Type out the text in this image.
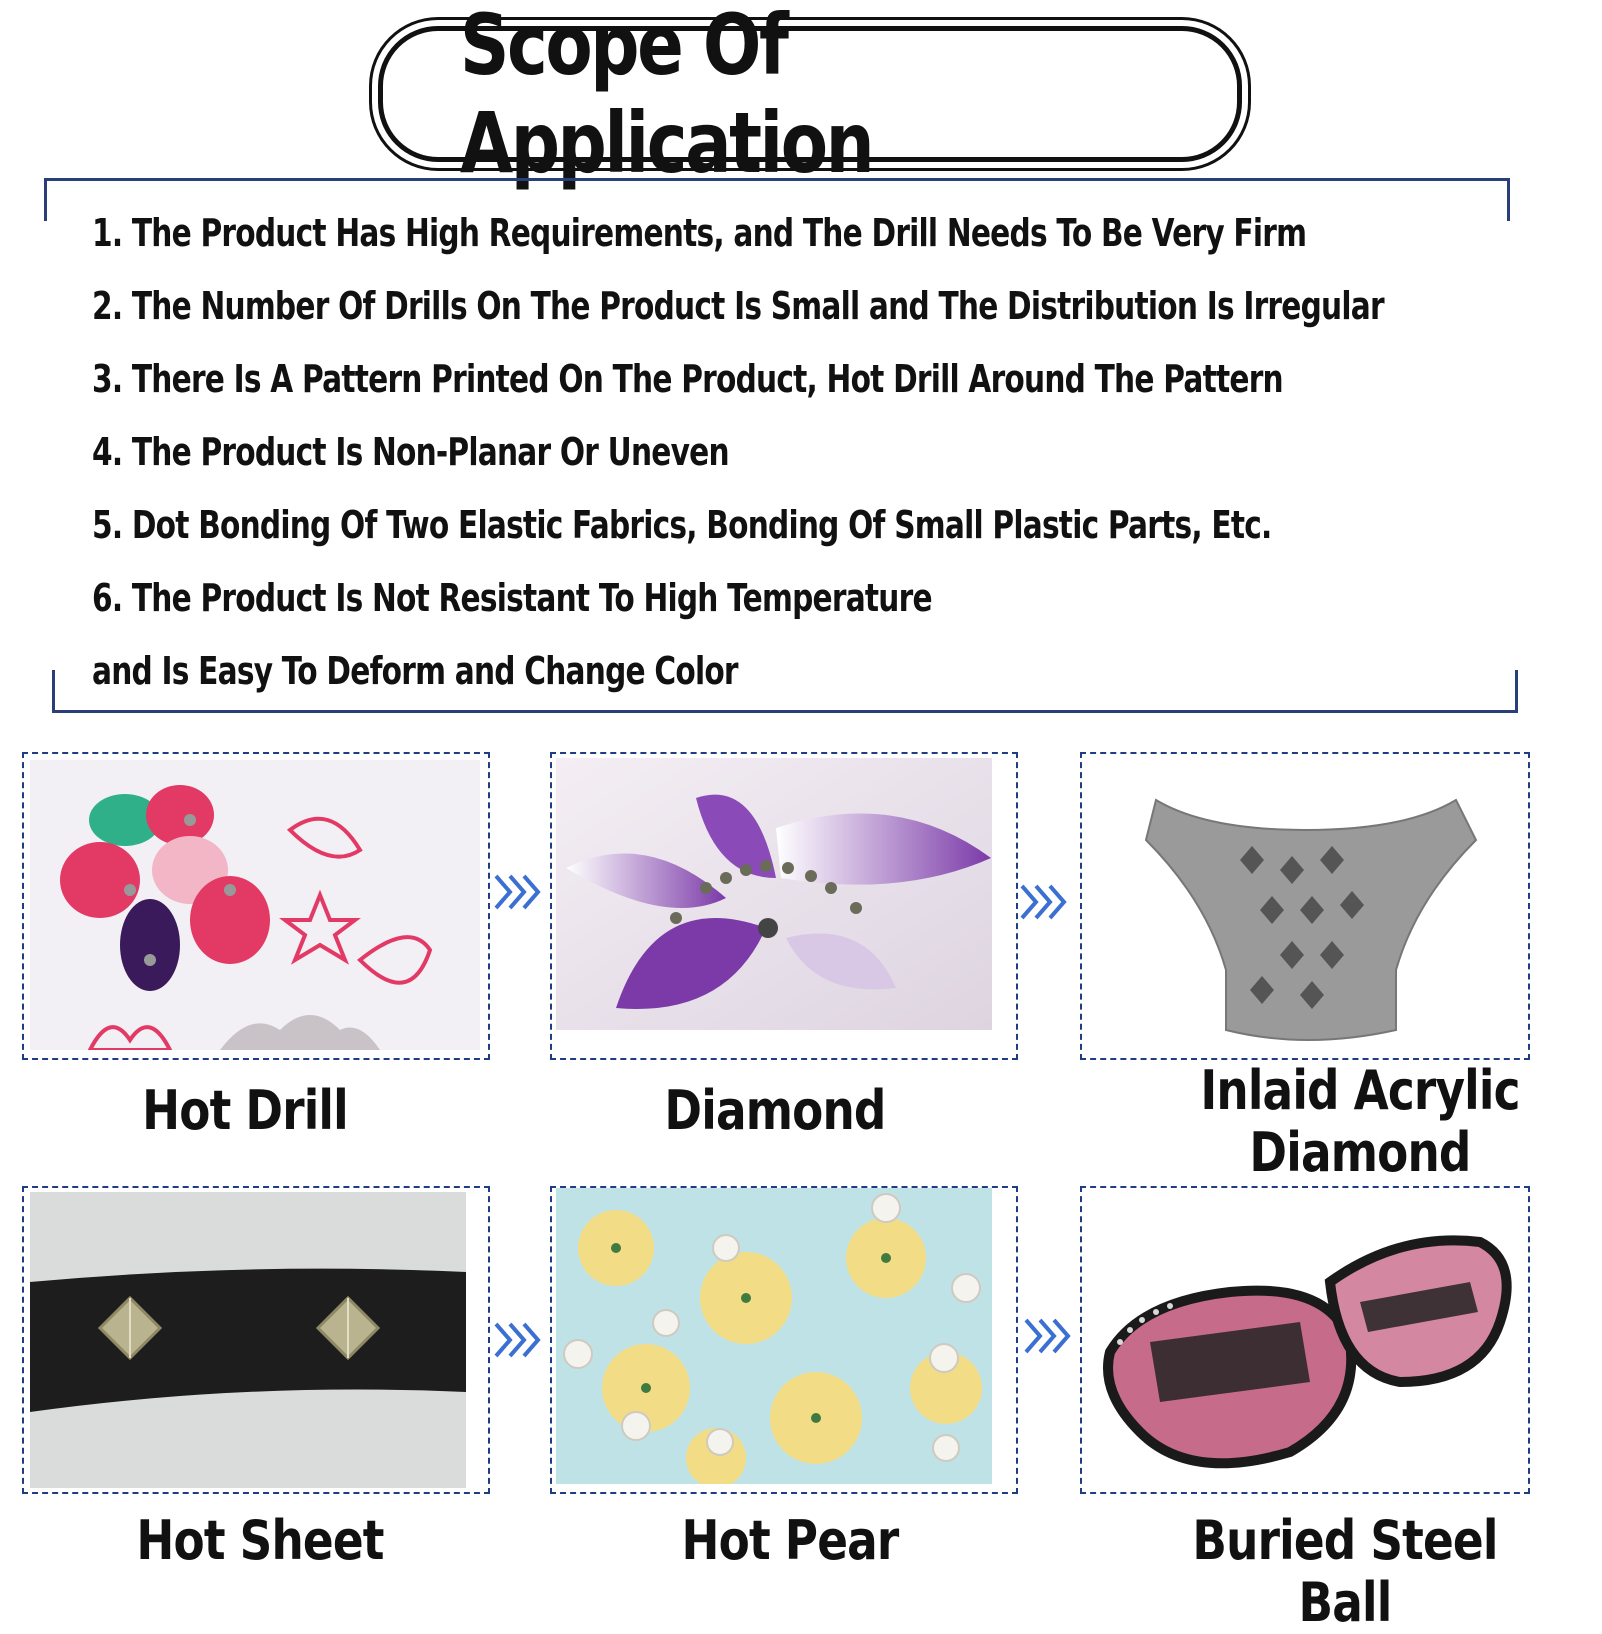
Scope Of Application
1. The Product Has High Requirements, and The Drill Needs To Be Very Firm
2. The Number Of Drills On The Product Is Small and The Distribution Is Irregular
3. There Is A Pattern Printed On The Product, Hot Drill Around The Pattern
4. The Product Is Non-Planar Or Uneven
5. Dot Bonding Of Two Elastic Fabrics, Bonding Of Small Plastic Parts, Etc.
6. The Product Is Not Resistant To High Temperature
and Is Easy To Deform and Change Color
Hot Drill	Diamond	Inlaid Acrylic Diamond
Hot Sheet	Hot Pear	Buried Steel Ball
